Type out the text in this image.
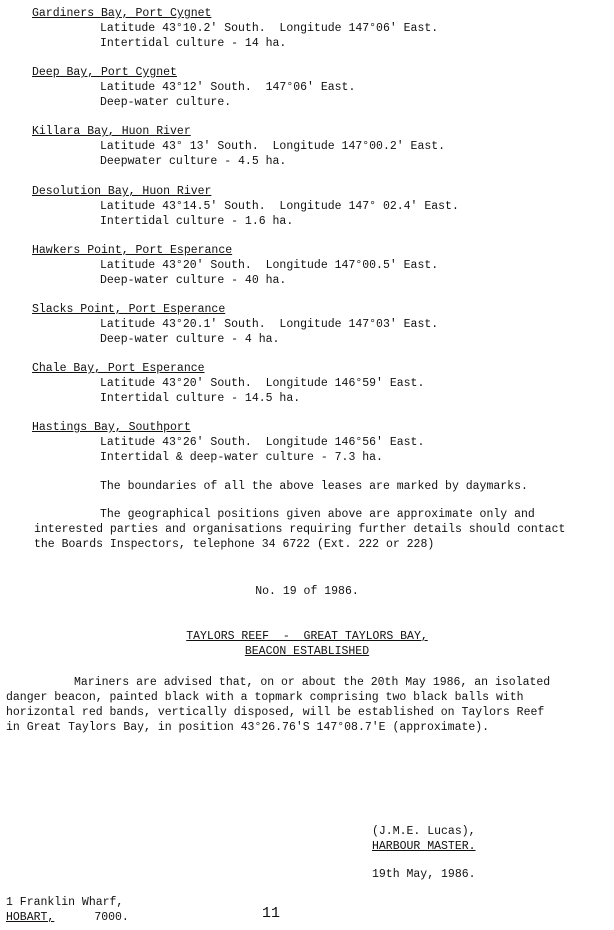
Gardiners Bay, Port Cygnet
Latitude 43°10.2' South.  Longitude 147°06' East.
Intertidal culture - 14 ha.
Deep Bay, Port Cygnet
Latitude 43°12' South.  147°06' East.
Deep-water culture.
Killara Bay, Huon River
Latitude 43° 13' South.  Longitude 147°00.2' East.
Deepwater culture - 4.5 ha.
Desolution Bay, Huon River
Latitude 43°14.5' South.  Longitude 147° 02.4' East.
Intertidal culture - 1.6 ha.
Hawkers Point, Port Esperance
Latitude 43°20' South.  Longitude 147°00.5' East.
Deep-water culture - 40 ha.
Slacks Point, Port Esperance
Latitude 43°20.1' South.  Longitude 147°03' East.
Deep-water culture - 4 ha.
Chale Bay, Port Esperance
Latitude 43°20' South.  Longitude 146°59' East.
Intertidal culture - 14.5 ha.
Hastings Bay, Southport
Latitude 43°26' South.  Longitude 146°56' East.
Intertidal & deep-water culture - 7.3 ha.
The boundaries of all the above leases are marked by daymarks.
The geographical positions given above are approximate only and
interested parties and organisations requiring further details should contact
the Boards Inspectors, telephone 34 6722 (Ext. 222 or 228)
No. 19 of 1986.
TAYLORS REEF  -  GREAT TAYLORS BAY,
BEACON ESTABLISHED
Mariners are advised that, on or about the 20th May 1986, an isolated
danger beacon, painted black with a topmark comprising two black balls with
horizontal red bands, vertically disposed, will be established on Taylors Reef
in Great Taylors Bay, in position 43°26.76'S 147°08.7'E (approximate).
(J.M.E. Lucas),
HARBOUR MASTER.
19th May, 1986.
1 Franklin Wharf,
HOBART,	7000.	11
